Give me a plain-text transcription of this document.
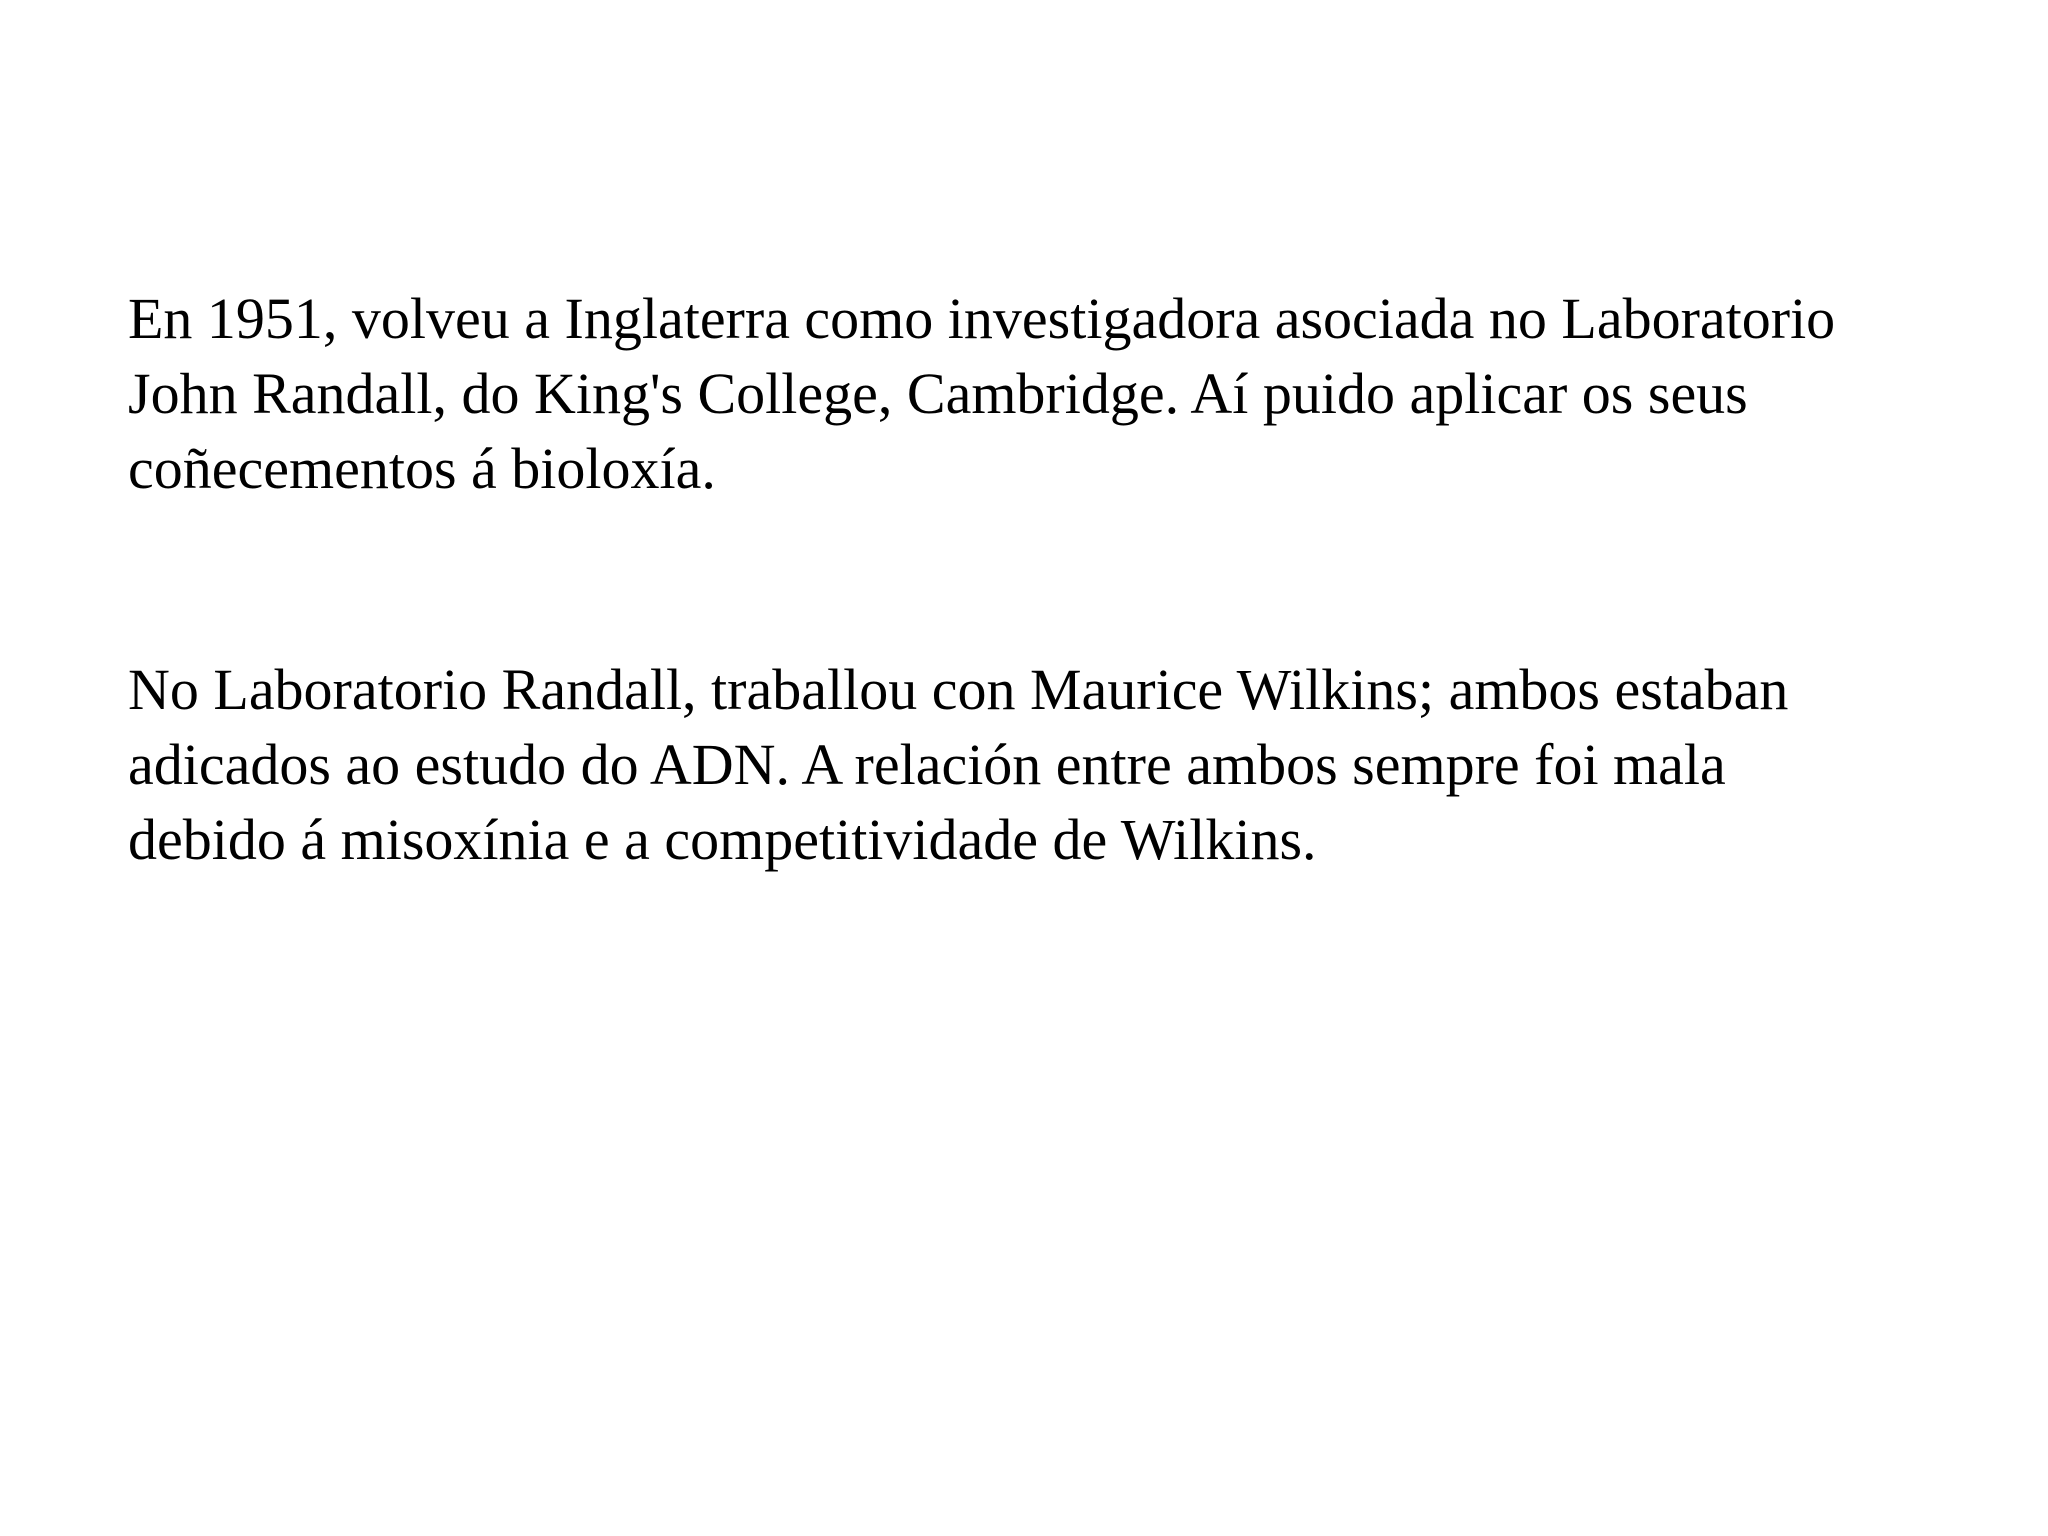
En 1951, volveu a Inglaterra como investigadora asociada no Laboratorio
John Randall, do King's College, Cambridge. Aí puido aplicar os seus
coñecementos á bioloxía.

No Laboratorio Randall, traballou con Maurice Wilkins; ambos estaban
adicados ao estudo do ADN. A relación entre ambos sempre foi mala
debido á misoxínia e a competitividade de Wilkins.
